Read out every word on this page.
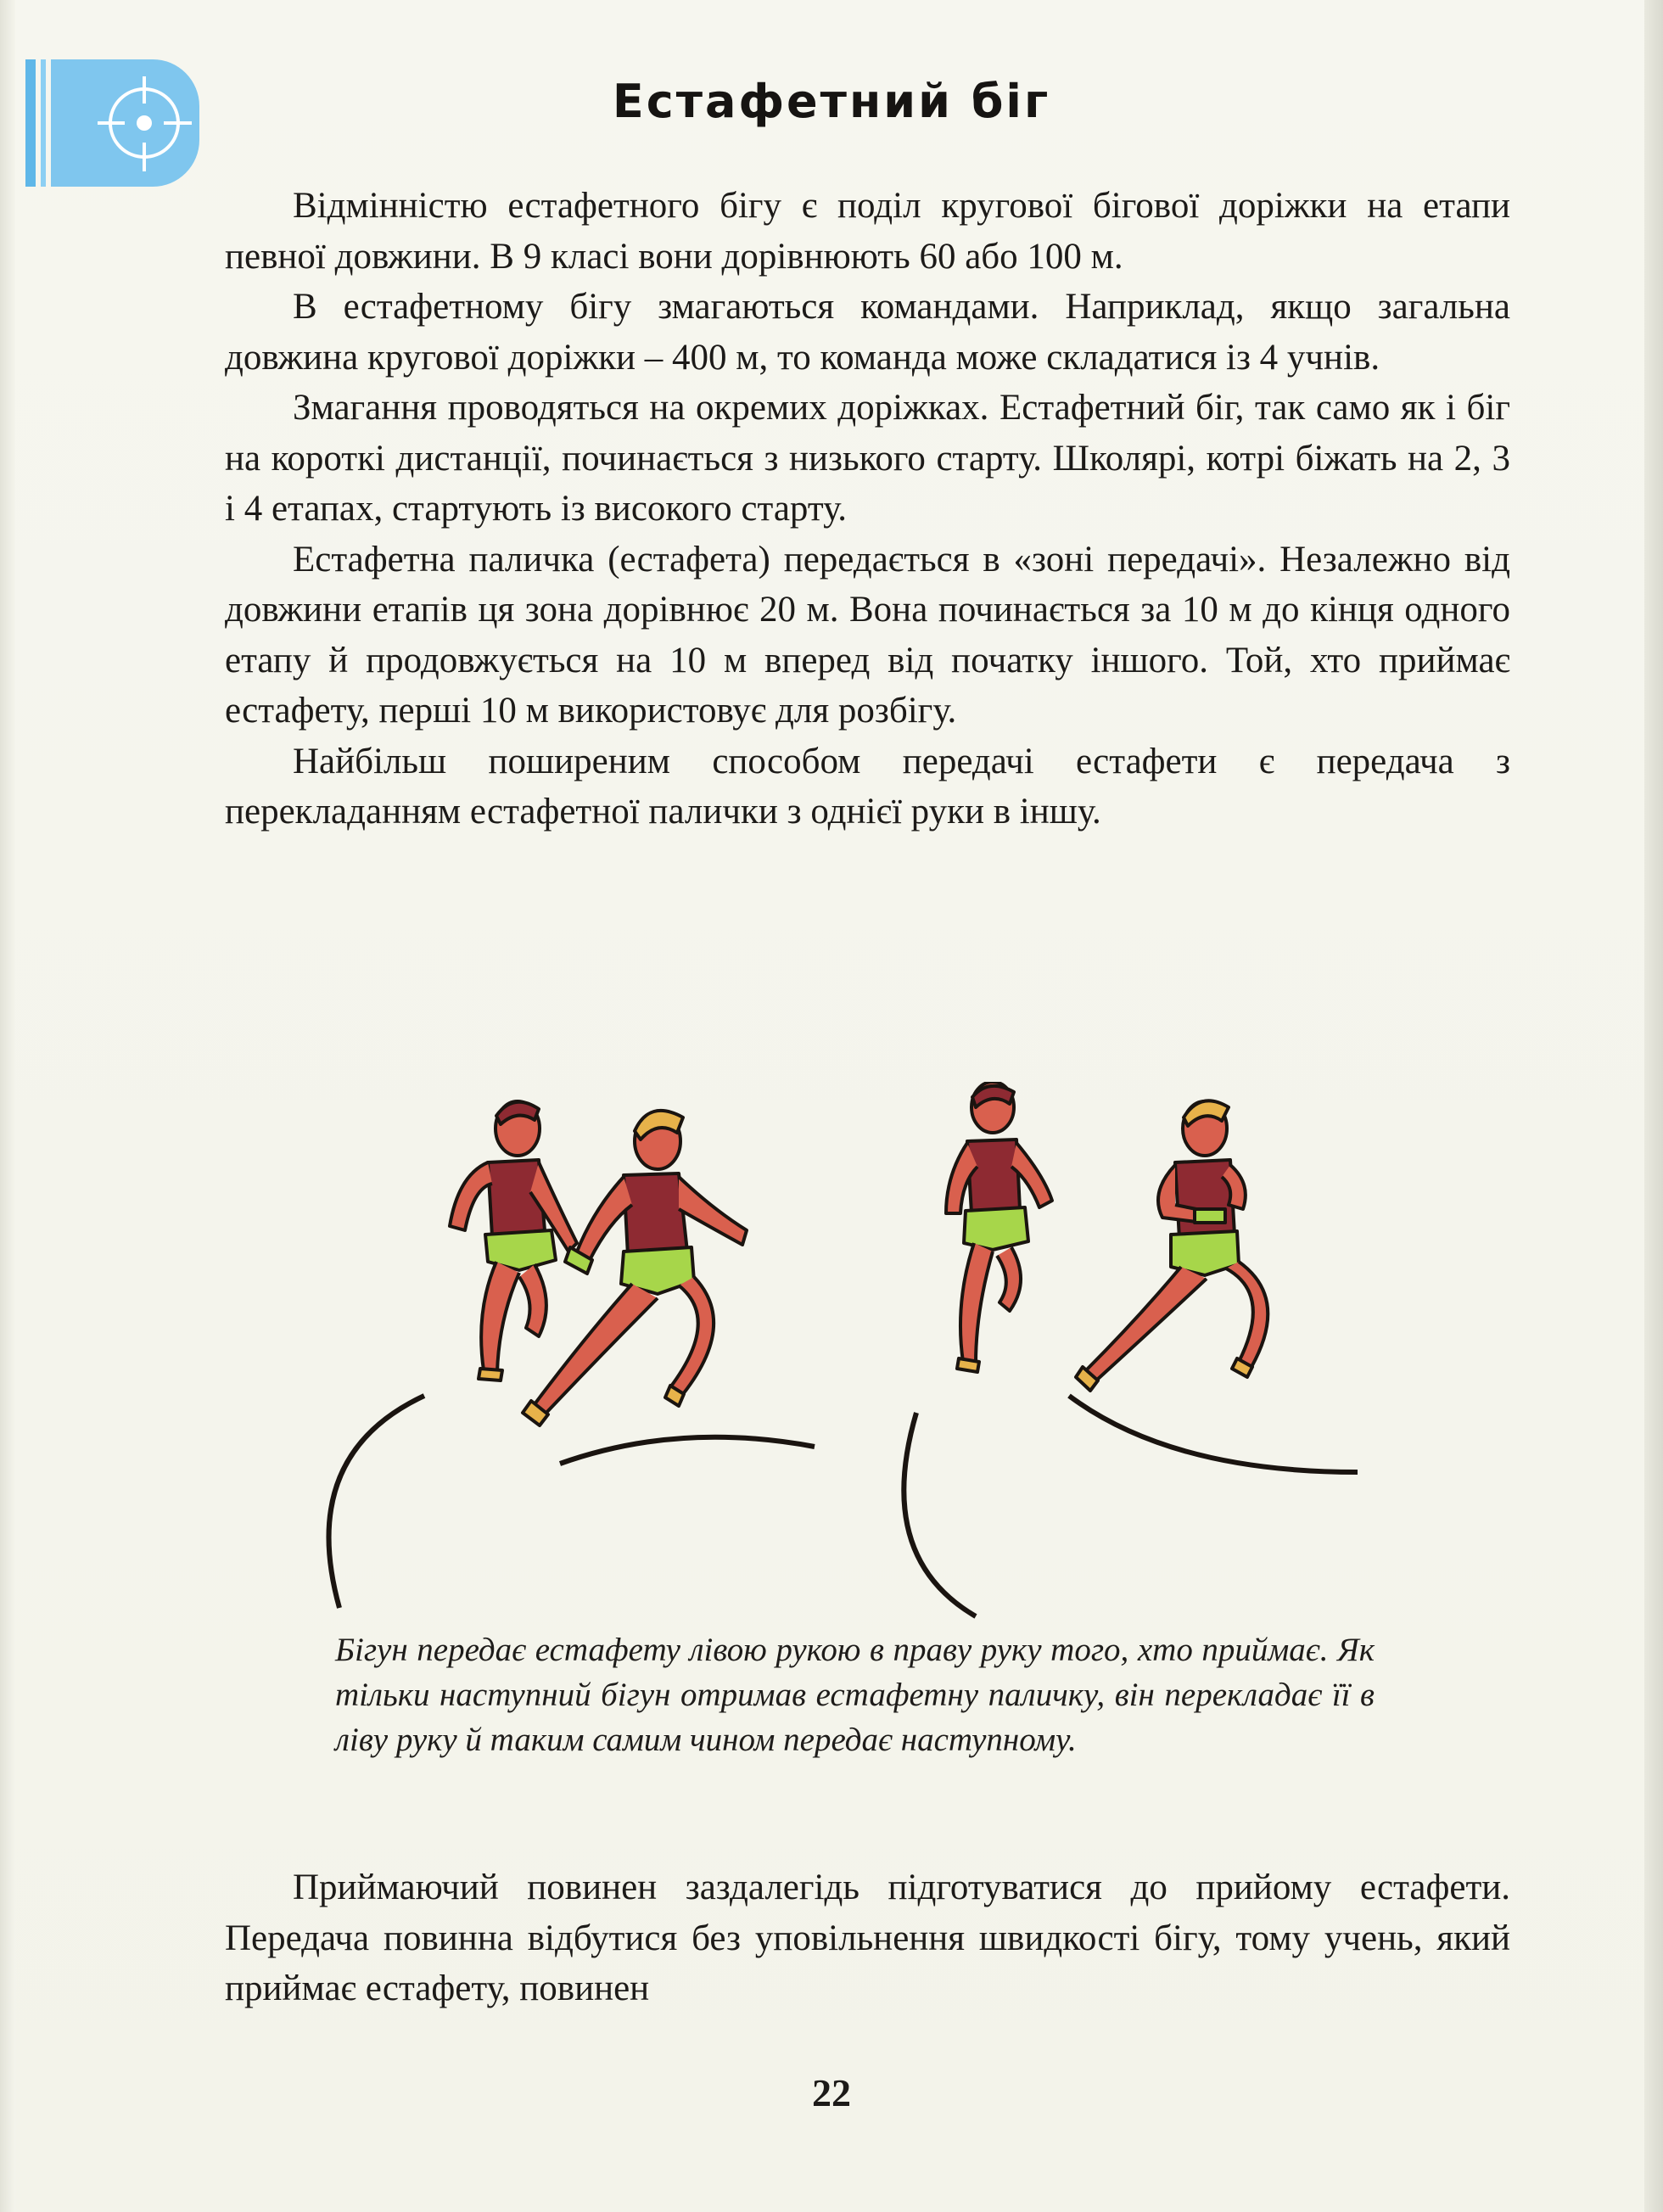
Естафетний біг

Відмінністю естафетного бігу є поділ кругової бігової доріжки на етапи певної довжини. В 9 класі вони дорівнюють 60 або 100 м.

В естафетному бігу змагаються командами. Наприклад, якщо загальна довжина кругової доріжки – 400 м, то команда може складатися із 4 учнів.

Змагання проводяться на окремих доріжках. Естафетний біг, так само як і біг на короткі дистанції, починається з низького старту. Школярі, котрі біжать на 2, 3 і 4 етапах, стартують із високого старту.

Естафетна паличка (естафета) передається в «зоні передачі». Незалежно від довжини етапів ця зона дорівнює 20 м. Вона починається за 10 м до кінця одного етапу й продовжується на 10 м вперед від початку іншого. Той, хто приймає естафету, перші 10 м використовує для розбігу.

Найбільш поширеним способом передачі естафети є передача з перекладанням естафетної палички з однієї руки в іншу.

Бігун передає естафету лівою рукою в праву руку того, хто приймає. Як тільки наступний бігун отримав естафетну паличку, він перекладає її в ліву руку й таким самим чином передає наступному.

Приймаючий повинен заздалегідь підготуватися до прийому естафети. Передача повинна відбутися без уповільнення швидкості бігу, тому учень, який приймає естафету, повинен

22
